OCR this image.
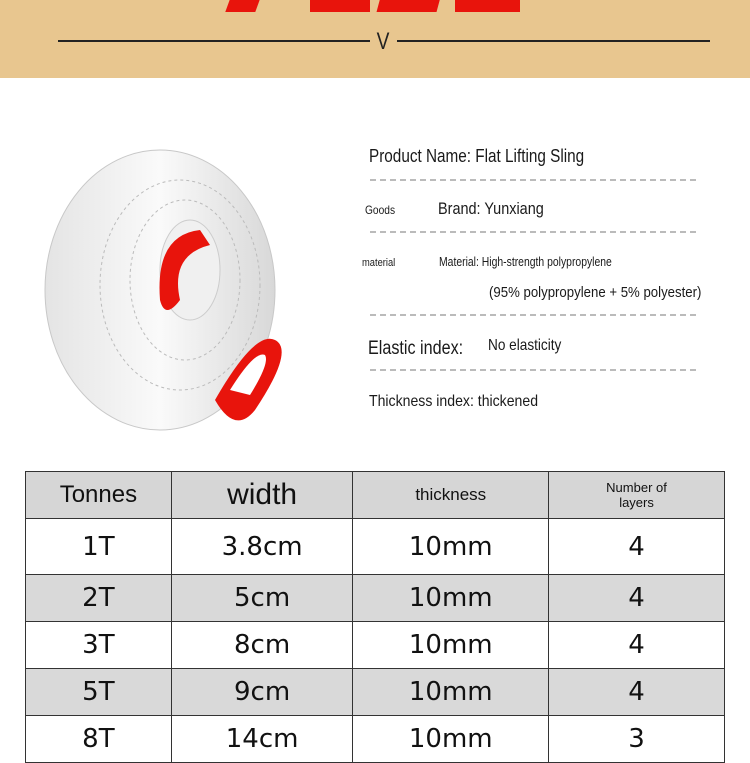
V
Product Name: Flat Lifting Sling
Goods	Brand: Yunxiang
material	Material: High-strength polypropylene
(95% polypropylene + 5% polyester)
Elastic index: No elasticity
Thickness index: thickened
Tonnes	width	thickness	Number of layers
1T	3.8cm	10mm	4
2T	5cm	10mm	4
3T	8cm	10mm	4
5T	9cm	10mm	4
8T	14cm	10mm	3
